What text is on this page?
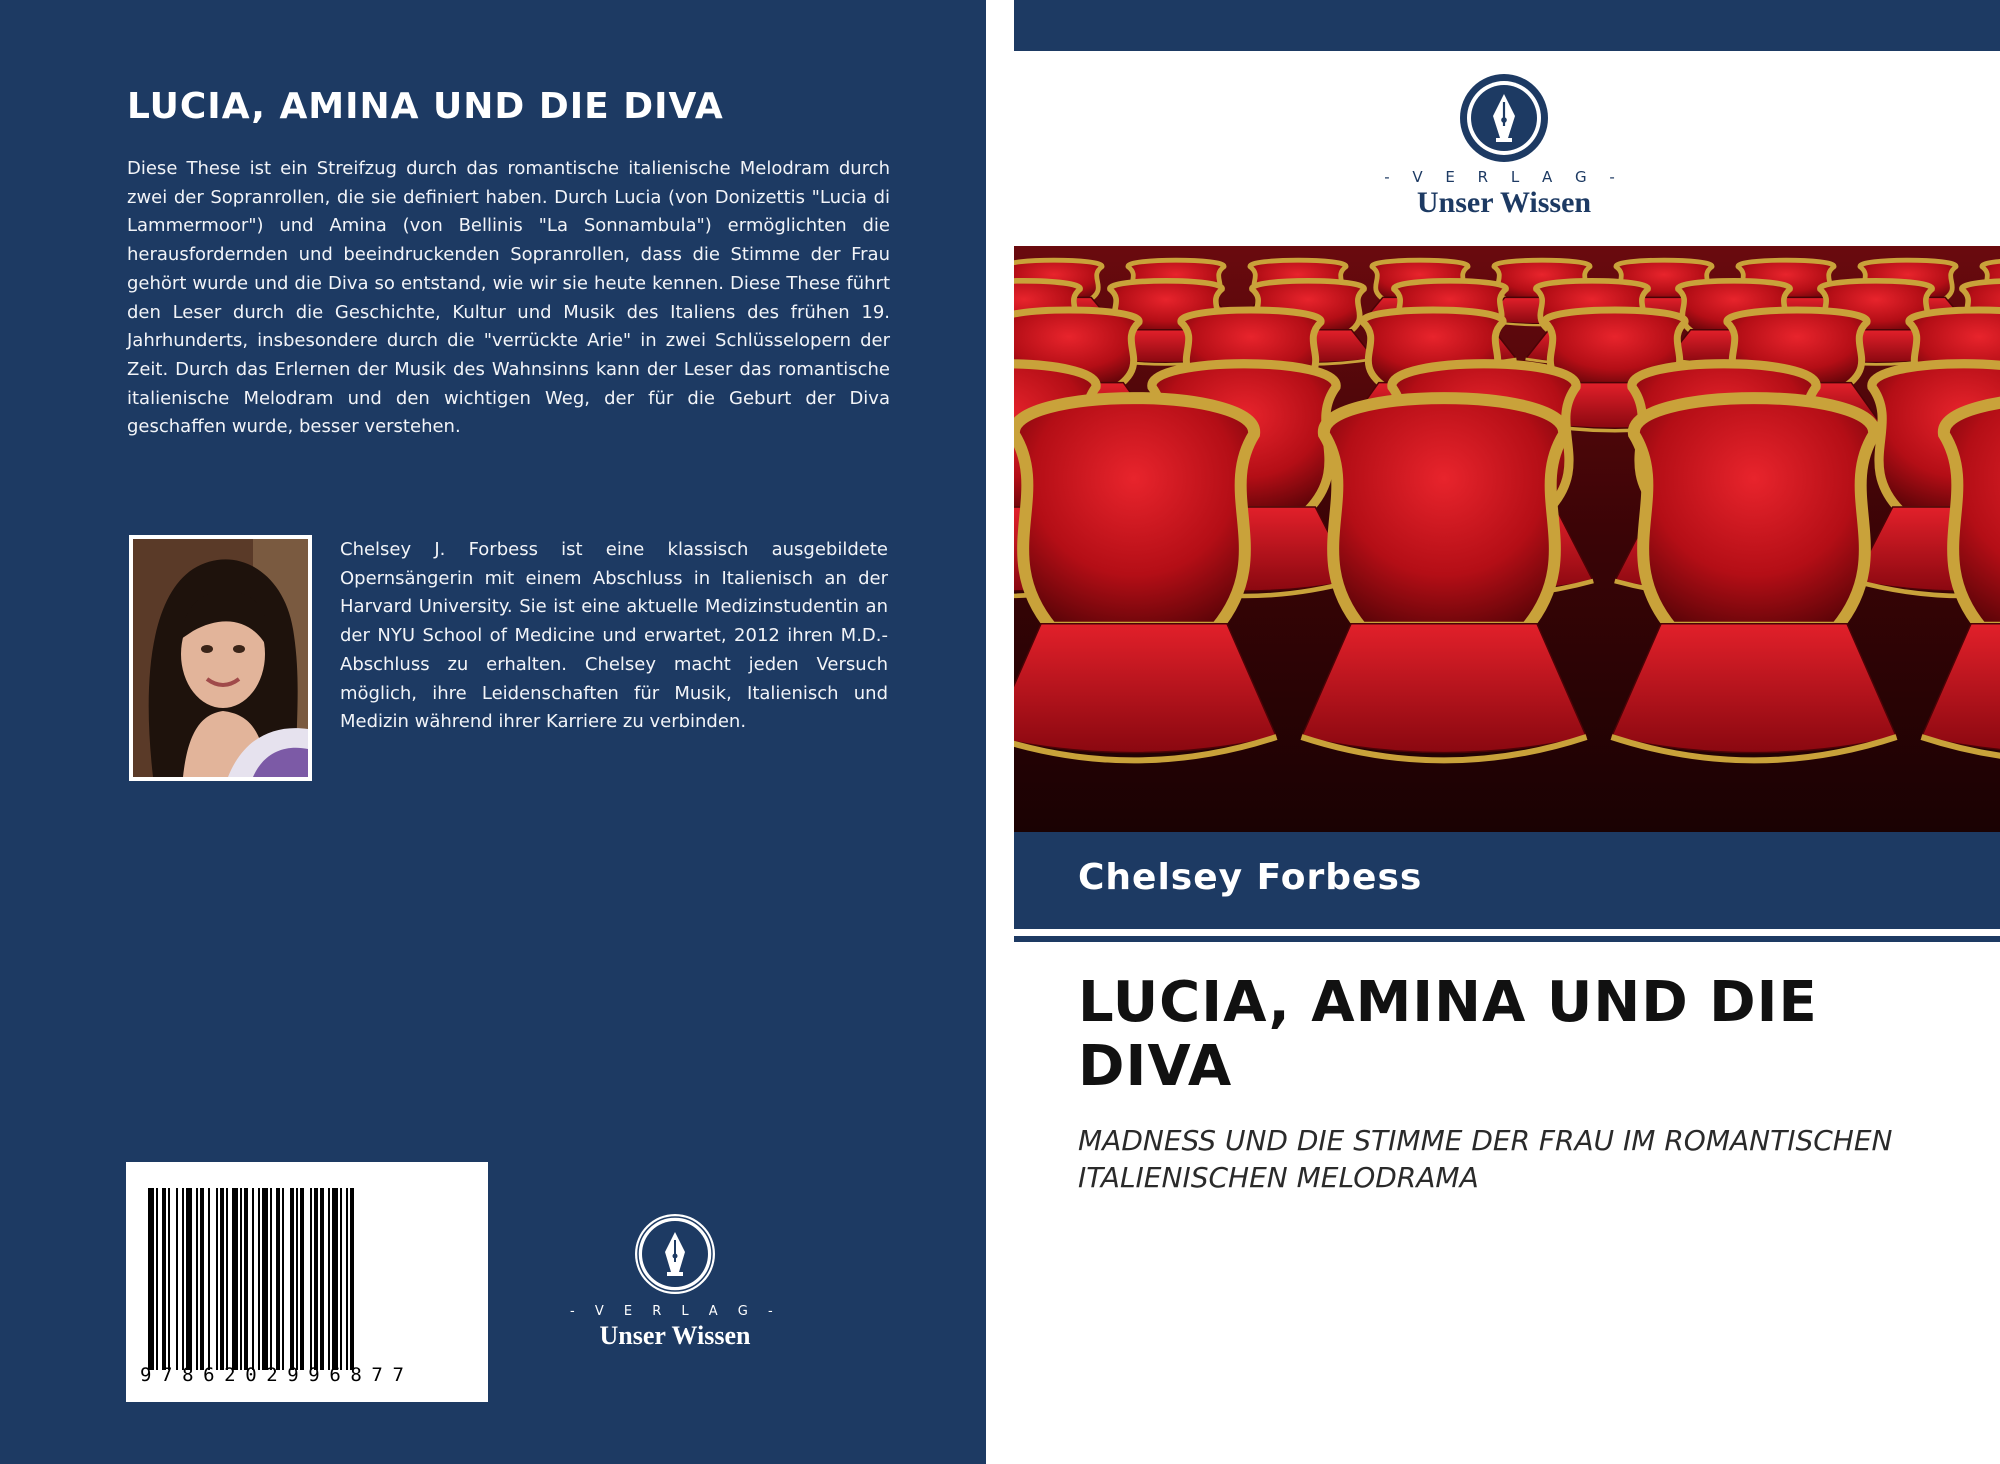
LUCIA, AMINA UND DIE DIVA

Diese These ist ein Streifzug durch das romantische italienische Melodram durch zwei der Sopranrollen, die sie definiert haben. Durch Lucia (von Donizettis "Lucia di Lammermoor") und Amina (von Bellinis "La Sonnambula") ermöglichten die herausfordernden und beeindruckenden Sopranrollen, dass die Stimme der Frau gehört wurde und die Diva so entstand, wie wir sie heute kennen. Diese These führt den Leser durch die Geschichte, Kultur und Musik des Italiens des frühen 19. Jahrhunderts, insbesondere durch die "verrückte Arie" in zwei Schlüsselopern der Zeit. Durch das Erlernen der Musik des Wahnsinns kann der Leser das romantische italienische Melodram und den wichtigen Weg, der für die Geburt der Diva geschaffen wurde, besser verstehen.

Chelsey J. Forbess ist eine klassisch ausgebildete Opernsängerin mit einem Abschluss in Italienisch an der Harvard University. Sie ist eine aktuelle Medizinstudentin an der NYU School of Medicine und erwartet, 2012 ihren M.D.-Abschluss zu erhalten. Chelsey macht jeden Versuch möglich, ihre Leidenschaften für Musik, Italienisch und Medizin während ihrer Karriere zu verbinden.

9786202996877
- V E R L A G -
Unser Wissen
- V E R L A G -
Unser Wissen
Chelsey Forbess
LUCIA, AMINA UND DIE DIVA

MADNESS UND DIE STIMME DER FRAU IM ROMANTISCHEN ITALIENISCHEN MELODRAMA
